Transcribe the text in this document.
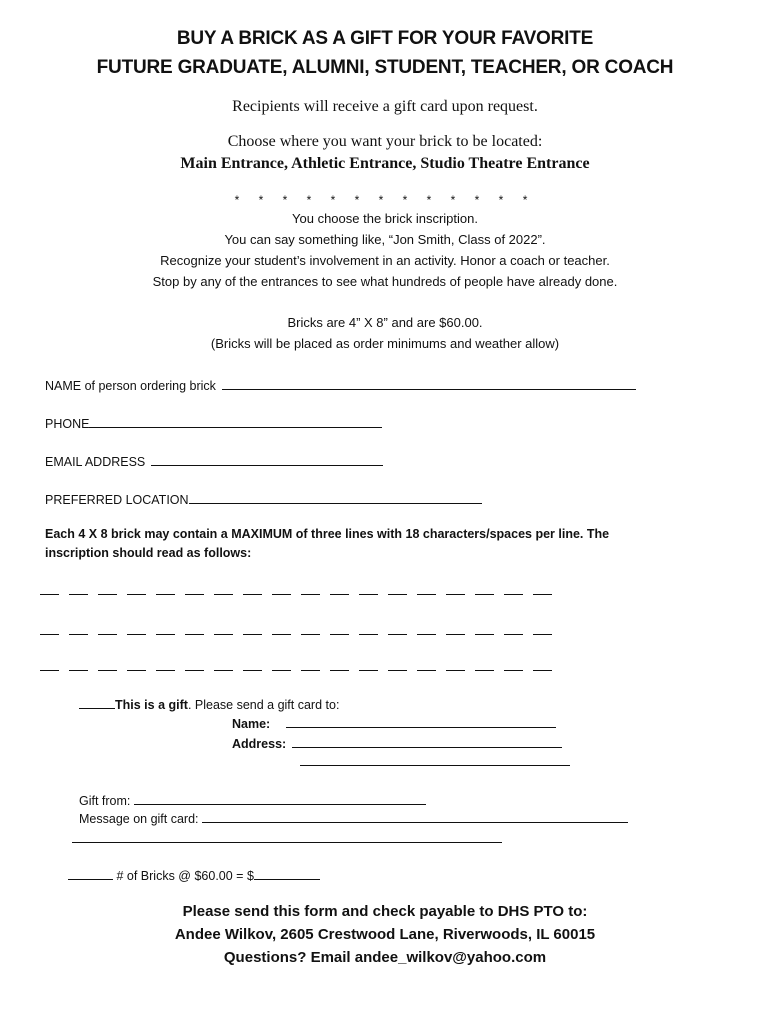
BUY A BRICK AS A GIFT FOR YOUR FAVORITE
FUTURE GRADUATE, ALUMNI, STUDENT, TEACHER, OR COACH
Recipients will receive a gift card upon request.
Choose where you want your brick to be located:
Main Entrance, Athletic Entrance, Studio Theatre Entrance
* * * * * * * * * * * * *
You choose the brick inscription.
You can say something like, “Jon Smith, Class of 2022”.
Recognize your student’s involvement in an activity. Honor a coach or teacher.
Stop by any of the entrances to see what hundreds of people have already done.
Bricks are 4” X 8” and are $60.00.
(Bricks will be placed as order minimums and weather allow)
NAME of person ordering brick
PHONE
EMAIL ADDRESS
PREFERRED LOCATION
Each 4 X 8 brick may contain a MAXIMUM of three lines with 18 characters/spaces per line. The inscription should read as follows:
This is a gift. Please send a gift card to:
Name:
Address:
Gift from:
Message on gift card:
# of Bricks @ $60.00 = $
Please send this form and check payable to DHS PTO to:
Andee Wilkov, 2605 Crestwood Lane, Riverwoods, IL 60015
Questions? Email andee_wilkov@yahoo.com
